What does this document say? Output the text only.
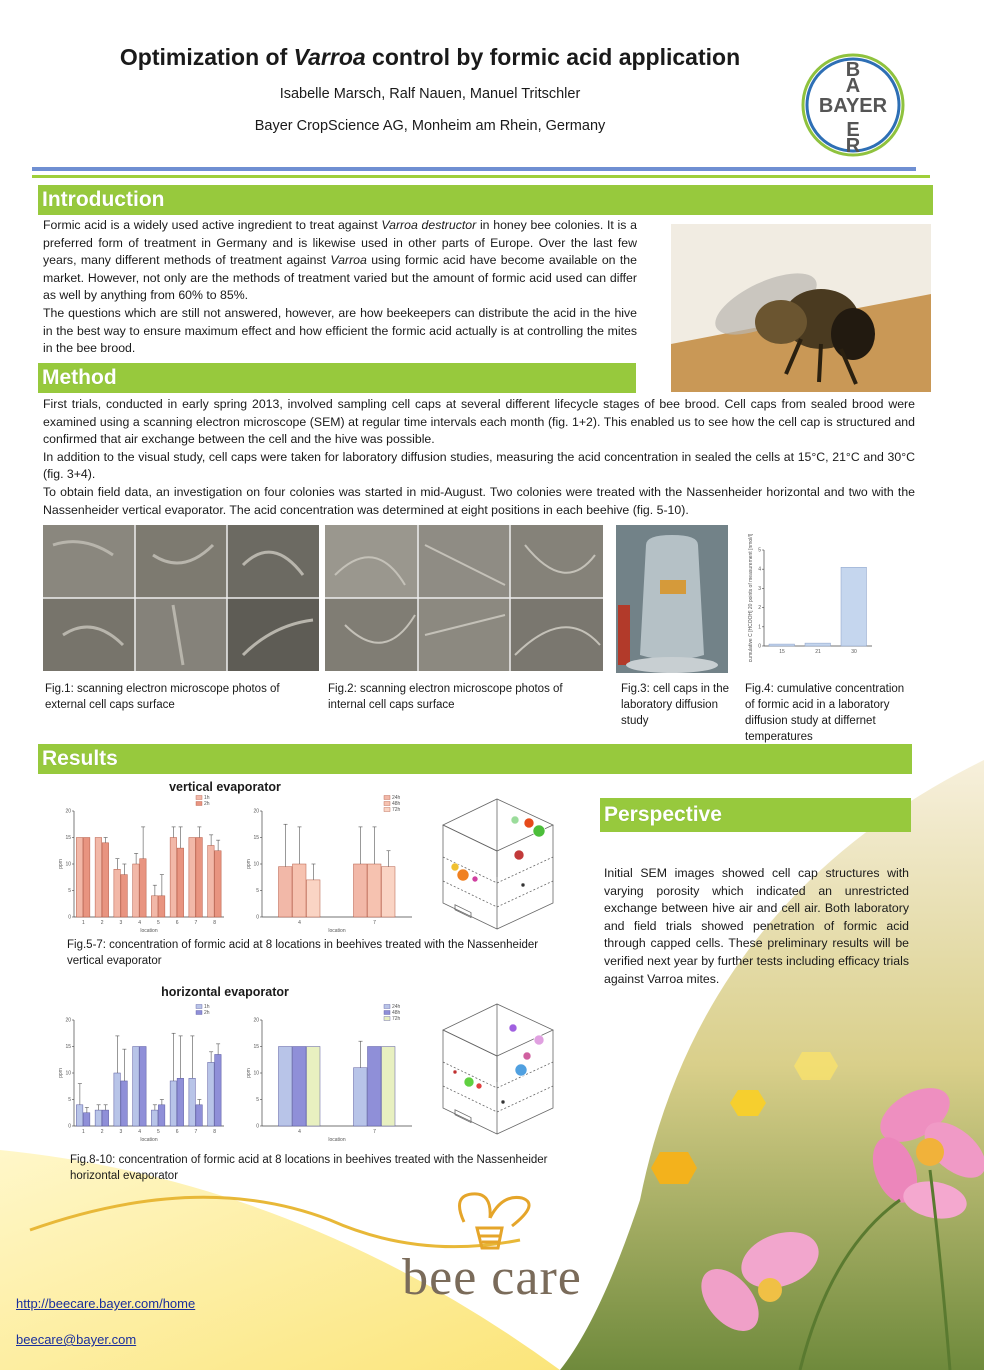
Optimization of Varroa control by formic acid application
Isabelle Marsch, Ralf Nauen, Manuel Tritschler
Bayer CropScience AG, Monheim am Rhein, Germany
BAYER
B
A
E
R
Introduction
Formic acid is a widely used active ingredient to treat against Varroa destructor in honey bee colonies. It is a preferred form of treatment in Germany and is likewise used in other parts of Europe. Over the last few years, many different methods of treatment against Varroa using formic acid have become available on the market. However, not only are the methods of treatment varied but the amount of formic acid used can differ as well by anything from 60% to 85%.
The questions which are still not answered, however, are how beekeepers can distribute the acid in the hive in the best way to ensure maximum effect and how efficient the formic acid actually is at controlling the mites in the bee brood.
Method
First trials, conducted in early spring 2013, involved sampling cell caps at several different lifecycle stages of bee brood. Cell caps from sealed brood were examined using a scanning electron microscope (SEM) at regular time intervals each month (fig. 1+2). This enabled us to see how the cell cap is structured and confirmed that air exchange between the cell and the hive was possible.
In addition to the visual study, cell caps were taken for laboratory diffusion studies, measuring the acid concentration in sealed the cells at 15°C, 21°C and 30°C (fig. 3+4).
To obtain field data, an investigation on four colonies was started in mid-August. Two colonies were treated with the Nassenheider horizontal and two with the Nassenheider vertical evaporator. The acid concentration was determined at eight positions in each beehive (fig. 5-10).
Fig.1: scanning electron microscope photos of external cell caps surface
Fig.2: scanning electron microscope photos of internal cell caps surface
Fig.3: cell caps in the laboratory diffusion study
0
1
2
3
4
5
cumulative C [HCOOH] 20 points of measurement [nmol/l]	15	21	30
Fig.4: cumulative concentration of formic acid in a laboratory diffusion study at differnet temperatures
Results
vertical evaporator
0
5
10
15
20
ppm
location
1	2	3	4	5	6	7	8
1h
2h
0
5
10
15
20
ppm
location
4	7
24h
48h
72h
Fig.5-7: concentration of formic acid at 8 locations in beehives treated with the Nassenheider vertical evaporator
horizontal evaporator
0
5
10
15
20
ppm
location
1	2	3	4	5	6	7	8
1h
2h
0
5
10
15
20
ppm
location
4	7
24h
48h
72h
Fig.8-10: concentration of formic acid at 8 locations in beehives treated with the Nassenheider horizontal evaporator
Perspective
Initial SEM images showed cell cap structures with varying porosity which indicated an unrestricted exchange between hive air and cell air. Both laboratory and field trials showed penetration of formic acid through capped cells. These preliminary results will be verified next year by further tests including efficacy trials against Varroa mites.
bee care
http://beecare.bayer.com/home
beecare@bayer.com
